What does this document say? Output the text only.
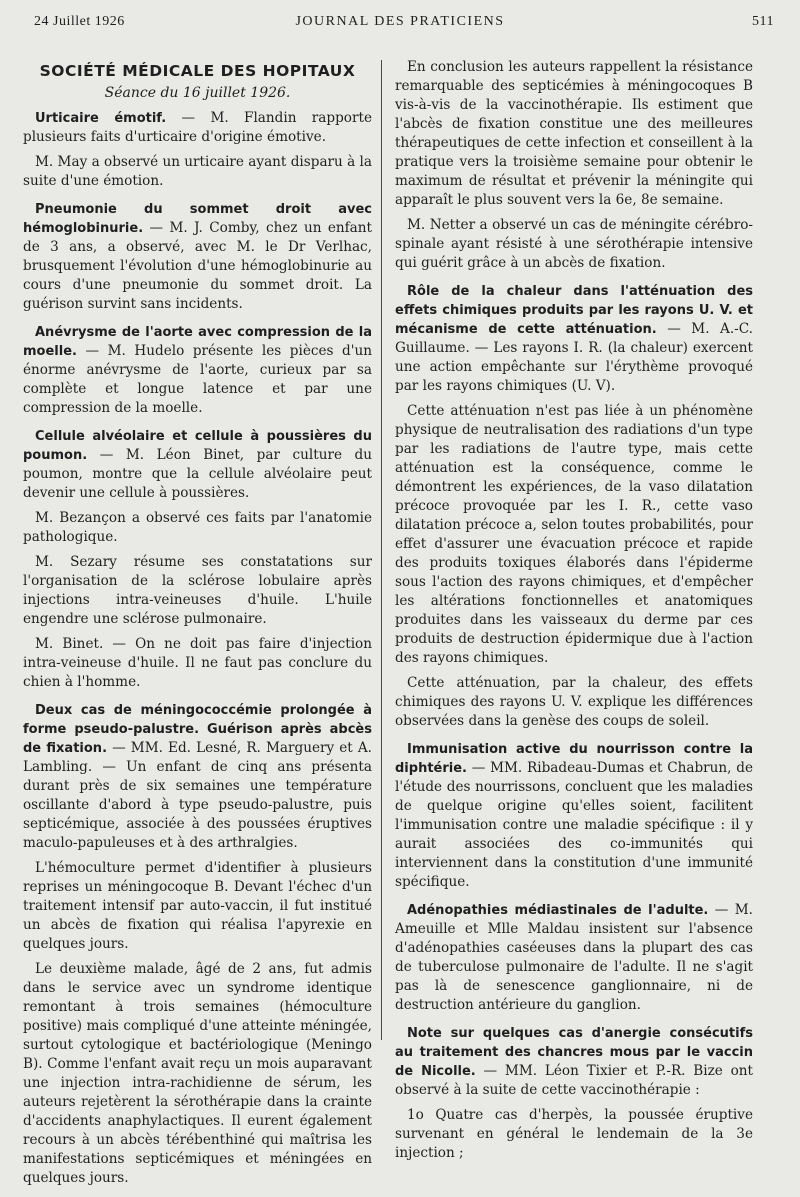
24 Juillet 1926	JOURNAL DES PRATICIENS	511
SOCIÉTÉ MÉDICALE DES HOPITAUX
Séance du 16 juillet 1926.

Urticaire émotif. — M. Flandin rapporte plusieurs faits d'urticaire d'origine émotive.

M. May a observé un urticaire ayant disparu à la suite d'une émotion.

Pneumonie du sommet droit avec hémoglobinurie. — M. J. Comby, chez un enfant de 3 ans, a observé, avec M. le Dr Verlhac, brusquement l'évolution d'une hémoglobinurie au cours d'une pneumonie du sommet droit. La guérison survint sans incidents.

Anévrysme de l'aorte avec compression de la moelle. — M. Hudelo présente les pièces d'un énorme anévrysme de l'aorte, curieux par sa complète et longue latence et par une compression de la moelle.

Cellule alvéolaire et cellule à poussières du poumon. — M. Léon Binet, par culture du poumon, montre que la cellule alvéolaire peut devenir une cellule à poussières.

M. Bezançon a observé ces faits par l'anatomie pathologique.

M. Sezary résume ses constatations sur l'organisation de la sclérose lobulaire après injections intra-veineuses d'huile. L'huile engendre une sclérose pulmonaire.

M. Binet. — On ne doit pas faire d'injection intra-veineuse d'huile. Il ne faut pas conclure du chien à l'homme.

Deux cas de méningococcémie prolongée à forme pseudo-palustre. Guérison après abcès de fixation. — MM. Ed. Lesné, R. Marguery et A. Lambling. — Un enfant de cinq ans présenta durant près de six semaines une température oscillante d'abord à type pseudo-palustre, puis septicémique, associée à des poussées éruptives maculo-papuleuses et à des arthralgies.

L'hémoculture permet d'identifier à plusieurs reprises un méningocoque B. Devant l'échec d'un traitement intensif par auto-vaccin, il fut institué un abcès de fixation qui réalisa l'apyrexie en quelques jours.

Le deuxième malade, âgé de 2 ans, fut admis dans le service avec un syndrome identique remontant à trois semaines (hémoculture positive) mais compliqué d'une atteinte méningée, surtout cytologique et bactériologique (Meningo B). Comme l'enfant avait reçu un mois auparavant une injection intra-rachidienne de sérum, les auteurs rejetèrent la sérothérapie dans la crainte d'accidents anaphylactiques. Il eurent également recours à un abcès térébenthiné qui maîtrisa les manifestations septicémiques et méningées en quelques jours.

En conclusion les auteurs rappellent la résistance remarquable des septicémies à méningocoques B vis-à-vis de la vaccinothérapie. Ils estiment que l'abcès de fixation constitue une des meilleures thérapeutiques de cette infection et conseillent à la pratique vers la troisième semaine pour obtenir le maximum de résultat et prévenir la méningite qui apparaît le plus souvent vers la 6e, 8e semaine.

M. Netter a observé un cas de méningite cérébro-spinale ayant résisté à une sérothérapie intensive qui guérit grâce à un abcès de fixation.

Rôle de la chaleur dans l'atténuation des effets chimiques produits par les rayons U. V. et mécanisme de cette atténuation. — M. A.-C. Guillaume. — Les rayons I. R. (la chaleur) exercent une action empêchante sur l'érythème provoqué par les rayons chimiques (U. V).

Cette atténuation n'est pas liée à un phénomène physique de neutralisation des radiations d'un type par les radiations de l'autre type, mais cette atténuation est la conséquence, comme le démontrent les expériences, de la vaso dilatation précoce provoquée par les I. R., cette vaso dilatation précoce a, selon toutes probabilités, pour effet d'assurer une évacuation précoce et rapide des produits toxiques élaborés dans l'épiderme sous l'action des rayons chimiques, et d'empêcher les altérations fonctionnelles et anatomiques produites dans les vaisseaux du derme par ces produits de destruction épidermique due à l'action des rayons chimiques.

Cette atténuation, par la chaleur, des effets chimiques des rayons U. V. explique les différences observées dans la genèse des coups de soleil.

Immunisation active du nourrisson contre la diphtérie. — MM. Ribadeau-Dumas et Chabrun, de l'étude des nourrissons, concluent que les maladies de quelque origine qu'elles soient, facilitent l'immunisation contre une maladie spécifique : il y aurait associées des co-immunités qui interviennent dans la constitution d'une immunité spécifique.

Adénopathies médiastinales de l'adulte. — M. Ameuille et Mlle Maldau insistent sur l'absence d'adénopathies caséeuses dans la plupart des cas de tuberculose pulmonaire de l'adulte. Il ne s'agit pas là de senescence ganglionnaire, ni de destruction antérieure du ganglion.

Note sur quelques cas d'anergie consécutifs au traitement des chancres mous par le vaccin de Nicolle. — MM. Léon Tixier et P.-R. Bize ont observé à la suite de cette vaccinothérapie :

1o Quatre cas d'herpès, la poussée éruptive survenant en général le lendemain de la 3e injection ;
